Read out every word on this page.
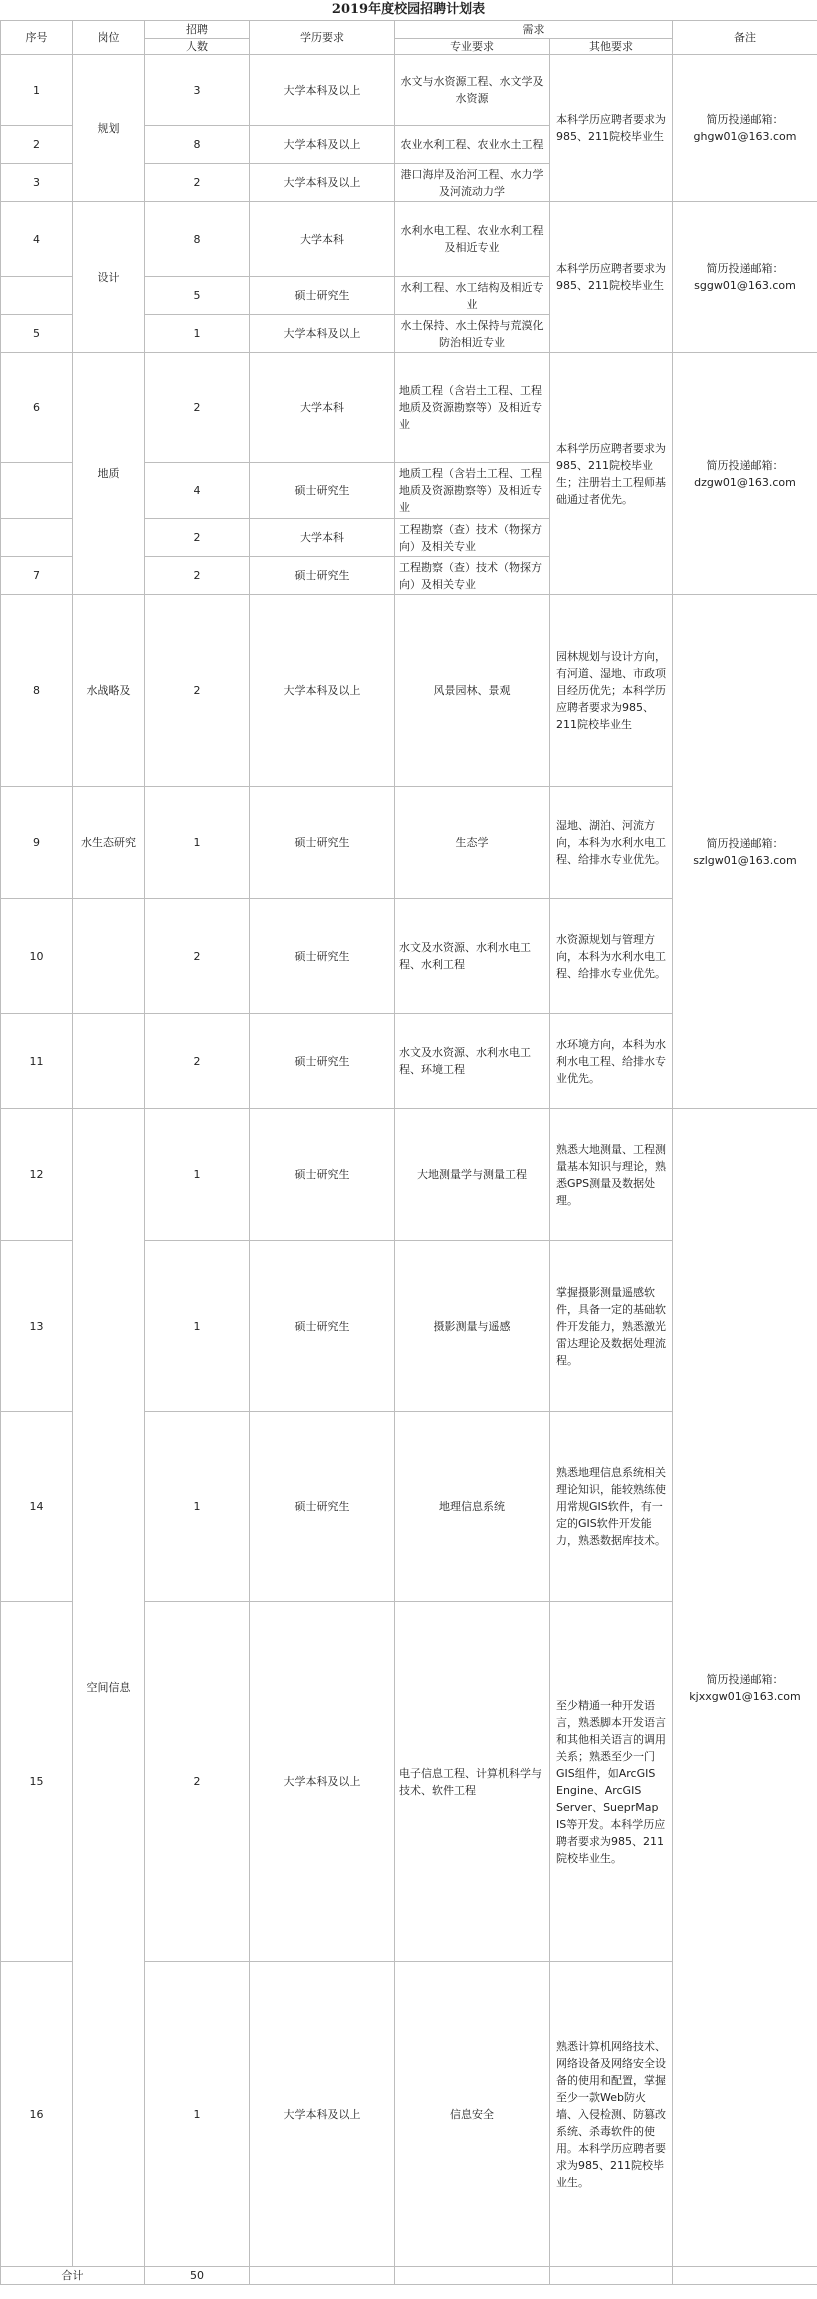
2019年度校园招聘计划表
序号	岗位	招聘	学历要求	需求		备注
		人数		专业要求	其他要求	
1	规划	3	大学本科及以上	水文与水资源工程、水文学及水资源	本科学历应聘者要求为985、211院校毕业生	简历投递邮箱：ghgw01@163.com
2		8	大学本科及以上	农业水利工程、农业水土工程		
3		2	大学本科及以上	港口海岸及治河工程、水力学及河流动力学		
4	设计	8	大学本科	水利水电工程、农业水利工程及相近专业	本科学历应聘者要求为985、211院校毕业生	简历投递邮箱：sggw01@163.com
		5	硕士研究生	水利工程、水工结构及相近专业		
5		1	大学本科及以上	水土保持、水土保持与荒漠化防治相近专业		
6	地质	2	大学本科	地质工程（含岩土工程、工程地质及资源勘察等）及相近专业	本科学历应聘者要求为985、211院校毕业生；注册岩土工程师基础通过者优先。	简历投递邮箱：dzgw01@163.com
		4	硕士研究生	地质工程（含岩土工程、工程地质及资源勘察等）及相近专业		
		2	大学本科	工程勘察（查）技术（物探方向）及相关专业		
7		2	硕士研究生	工程勘察（查）技术（物探方向）及相关专业		
8	水战略及	2	大学本科及以上	风景园林、景观	园林规划与设计方向，有河道、湿地、市政项目经历优先；本科学历应聘者要求为985、211院校毕业生	简历投递邮箱：szlgw01@163.com
9	水生态研究	1	硕士研究生	生态学	湿地、湖泊、河流方向，本科为水利水电工程、给排水专业优先。	
10		2	硕士研究生	水文及水资源、水利水电工程、水利工程	水资源规划与管理方向，本科为水利水电工程、给排水专业优先。	
11		2	硕士研究生	水文及水资源、水利水电工程、环境工程	水环境方向，本科为水利水电工程、给排水专业优先。	
12	空间信息	1	硕士研究生	大地测量学与测量工程	熟悉大地测量、工程测量基本知识与理论，熟悉GPS测量及数据处理。	简历投递邮箱：kjxxgw01@163.com
13		1	硕士研究生	摄影测量与遥感	掌握摄影测量遥感软件，具备一定的基础软件开发能力，熟悉激光雷达理论及数据处理流程。	
14		1	硕士研究生	地理信息系统	熟悉地理信息系统相关理论知识，能较熟练使用常规GIS软件，有一定的GIS软件开发能力，熟悉数据库技术。	
15		2	大学本科及以上	电子信息工程、计算机科学与技术、软件工程	至少精通一种开发语言，熟悉脚本开发语言和其他相关语言的调用关系；熟悉至少一门GIS组件，如ArcGIS Engine、ArcGIS Server、SueprMap IS等开发。本科学历应聘者要求为985、211院校毕业生。	
16		1	大学本科及以上	信息安全	熟悉计算机网络技术、网络设备及网络安全设备的使用和配置，掌握至少一款Web防火墙、入侵检测、防篡改系统、杀毒软件的使用。本科学历应聘者要求为985、211院校毕业生。	
合计		50				
